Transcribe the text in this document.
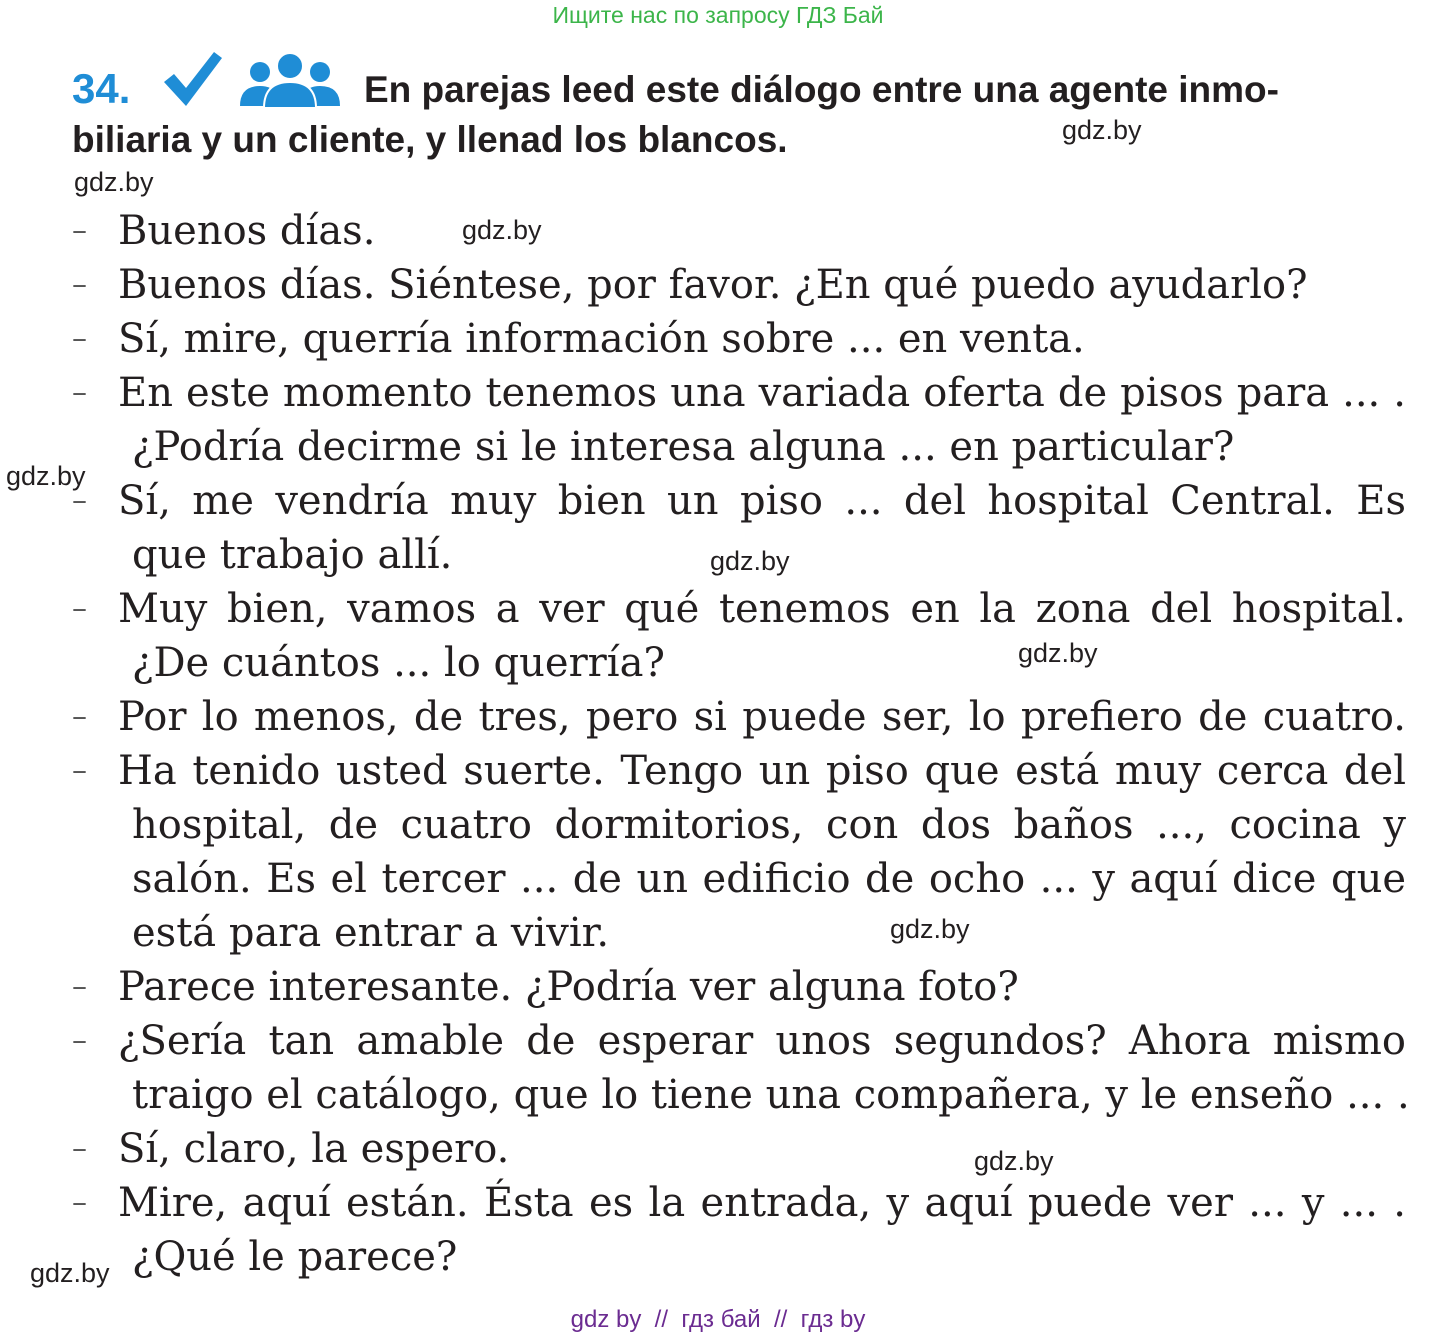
Ищите нас по запросу ГДЗ Бай
34.	En parejas leed este diálogo entre una agente inmo-
biliaria y un cliente, y llenad los blancos.
– Buenos días.
– Buenos días. Siéntese, por favor. ¿En qué puedo ayudarlo?
– Sí, mire, querría información sobre ... en venta.
– En este momento tenemos una variada oferta de pisos para ... .
¿Podría decirme si le interesa alguna ... en particular?
– Sí, me vendría muy bien un piso ... del hospital Central. Es
que trabajo allí.
– Muy bien, vamos a ver qué tenemos en la zona del hospital.
¿De cuántos ... lo querría?
– Por lo menos, de tres, pero si puede ser, lo prefiero de cuatro.
– Ha tenido usted suerte. Tengo un piso que está muy cerca del
hospital, de cuatro dormitorios, con dos baños ..., cocina y
salón. Es el tercer ... de un edificio de ocho ... y aquí dice que
está para entrar a vivir.
– Parece interesante. ¿Podría ver alguna foto?
– ¿Sería tan amable de esperar unos segundos? Ahora mismo
traigo el catálogo, que lo tiene una compañera, y le enseño ... .
– Sí, claro, la espero.
– Mire, aquí están. Ésta es la entrada, y aquí puede ver ... y ... .
¿Qué le parece?
gdz.by
gdz.by
gdz.by
gdz.by
gdz.by
gdz.by
gdz.by
gdz.by
gdz.by
gdz by  //  гдз бай  //  гдз by
